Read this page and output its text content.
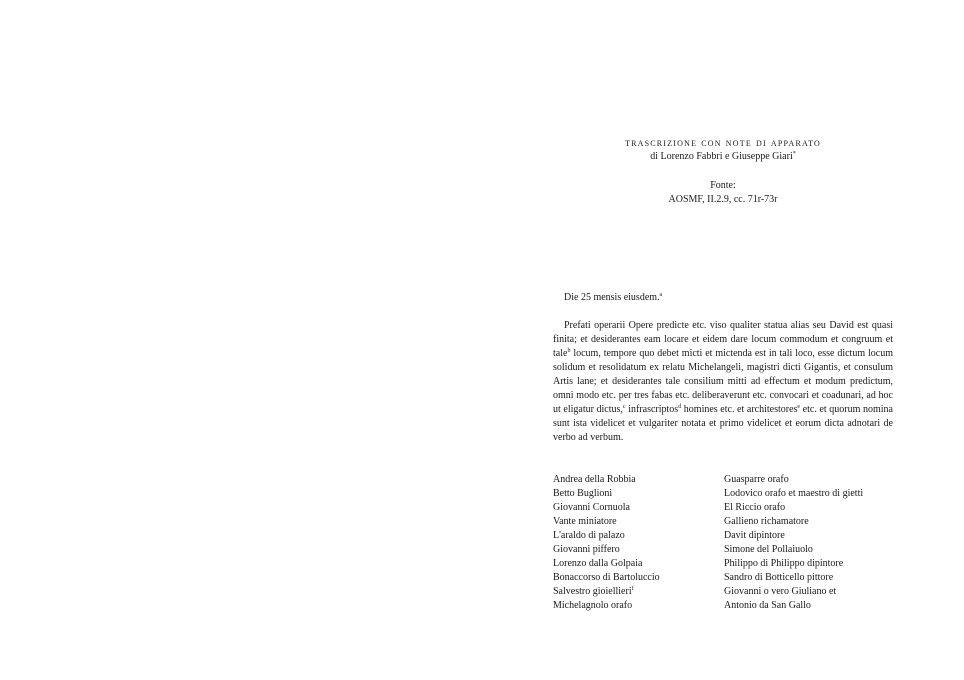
trascrizione con note di apparato
di Lorenzo Fabbri e Giuseppe Giari*
Fonte:
AOSMF, II.2.9, cc. 71r-73r

Die 25 mensis eiusdem.$^a$

Prefati operarii Opere predicte etc. viso qualiter statua alias seu David est quasi finita; et desiderantes eam locare et eidem dare locum commodum et congruum et tale$^b$ locum, tempore quo debet micti et mictenda est in tali loco, esse dictum locum solidum et resolidatum ex relatu Michelangeli, magistri dicti Gigantis, et consulum Artis lane; et desiderantes tale consilium mitti ad effectum et modum predictum, omni modo etc. per tres fabas etc. deliberaverunt etc. convocari et coadunari, ad hoc ut eligatur dictus,$^c$ infrascriptos$^d$ homines etc. et architestores$^e$ etc. et quorum nomina sunt ista videlicet et vulgariter notata et primo videlicet et eorum dicta adnotari de verbo ad verbum.

Andrea della Robbia
Betto Buglioni
Giovanni Cornuola
Vante miniatore
L'araldo di palazo
Giovanni piffero
Lorenzo dalla Golpaia
Bonaccorso di Bartoluccio
Salvestro gioiellieri$^f$
Michelagnolo orafo
Guasparre orafo
Lodovico orafo et maestro di gietti
El Riccio orafo
Gallieno richamatore
Davit dipintore
Simone del Pollaiuolo
Philippo di Philippo dipintore
Sandro di Botticello pittore
Giovanni o vero Giuliano et
Antonio da San Gallo
